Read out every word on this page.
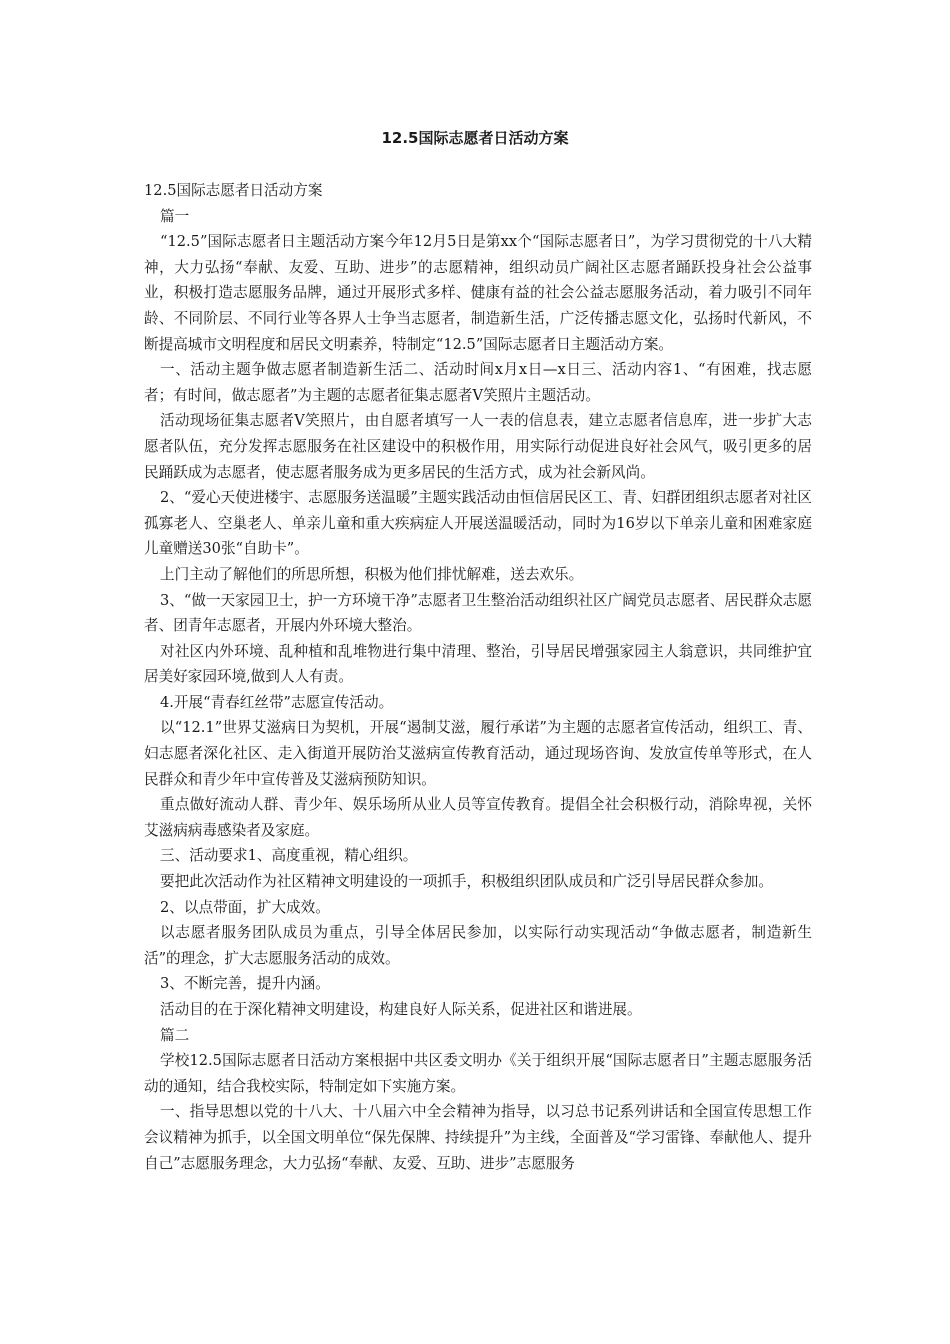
12.5国际志愿者日活动方案

12.5国际志愿者日活动方案

篇一

“12.5”国际志愿者日主题活动方案今年12月5日是第xx个“国际志愿者日”，为学习贯彻党的十八大精神，大力弘扬“奉献、友爱、互助、进步”的志愿精神，组织动员广阔社区志愿者踊跃投身社会公益事业，积极打造志愿服务品牌，通过开展形式多样、健康有益的社会公益志愿服务活动，着力吸引不同年龄、不同阶层、不同行业等各界人士争当志愿者，制造新生活，广泛传播志愿文化，弘扬时代新风，不断提高城市文明程度和居民文明素养，特制定“12.5”国际志愿者日主题活动方案。

一、活动主题争做志愿者制造新生活二、活动时间x月x日—x日三、活动内容1、“有困难，找志愿者；有时间，做志愿者”为主题的志愿者征集志愿者V笑照片主题活动。

活动现场征集志愿者V笑照片，由自愿者填写一人一表的信息表，建立志愿者信息库，进一步扩大志愿者队伍，充分发挥志愿服务在社区建设中的积极作用，用实际行动促进良好社会风气，吸引更多的居民踊跃成为志愿者，使志愿者服务成为更多居民的生活方式，成为社会新风尚。

2、“爱心天使进楼宇、志愿服务送温暖”主题实践活动由恒信居民区工、青、妇群团组织志愿者对社区孤寡老人、空巢老人、单亲儿童和重大疾病症人开展送温暖活动，同时为16岁以下单亲儿童和困难家庭儿童赠送30张“自助卡”。

上门主动了解他们的所思所想，积极为他们排忧解难，送去欢乐。

3、“做一天家园卫士，护一方环境干净”志愿者卫生整治活动组织社区广阔党员志愿者、居民群众志愿者、团青年志愿者，开展内外环境大整治。

对社区内外环境、乱种植和乱堆物进行集中清理、整治，引导居民增强家园主人翁意识，共同维护宜居美好家园环境,做到人人有责。

4.开展“青春红丝带”志愿宣传活动。

以“12.1”世界艾滋病日为契机，开展“遏制艾滋，履行承诺”为主题的志愿者宣传活动，组织工、青、妇志愿者深化社区、走入街道开展防治艾滋病宣传教育活动，通过现场咨询、发放宣传单等形式，在人民群众和青少年中宣传普及艾滋病预防知识。

重点做好流动人群、青少年、娱乐场所从业人员等宣传教育。提倡全社会积极行动，消除卑视，关怀艾滋病病毒感染者及家庭。

三、活动要求1、高度重视，精心组织。

要把此次活动作为社区精神文明建设的一项抓手，积极组织团队成员和广泛引导居民群众参加。

2、以点带面，扩大成效。

以志愿者服务团队成员为重点，引导全体居民参加，以实际行动实现活动“争做志愿者，制造新生活”的理念，扩大志愿服务活动的成效。

3、不断完善，提升内涵。

活动目的在于深化精神文明建设，构建良好人际关系，促进社区和谐进展。

篇二

学校12.5国际志愿者日活动方案根据中共区委文明办《关于组织开展“国际志愿者日”主题志愿服务活动的通知，结合我校实际，特制定如下实施方案。

一、指导思想以党的十八大、十八届六中全会精神为指导，以习总书记系列讲话和全国宣传思想工作会议精神为抓手，以全国文明单位“保先保牌、持续提升”为主线，全面普及“学习雷锋、奉献他人、提升自己”志愿服务理念，大力弘扬“奉献、友爱、互助、进步”志愿服务
